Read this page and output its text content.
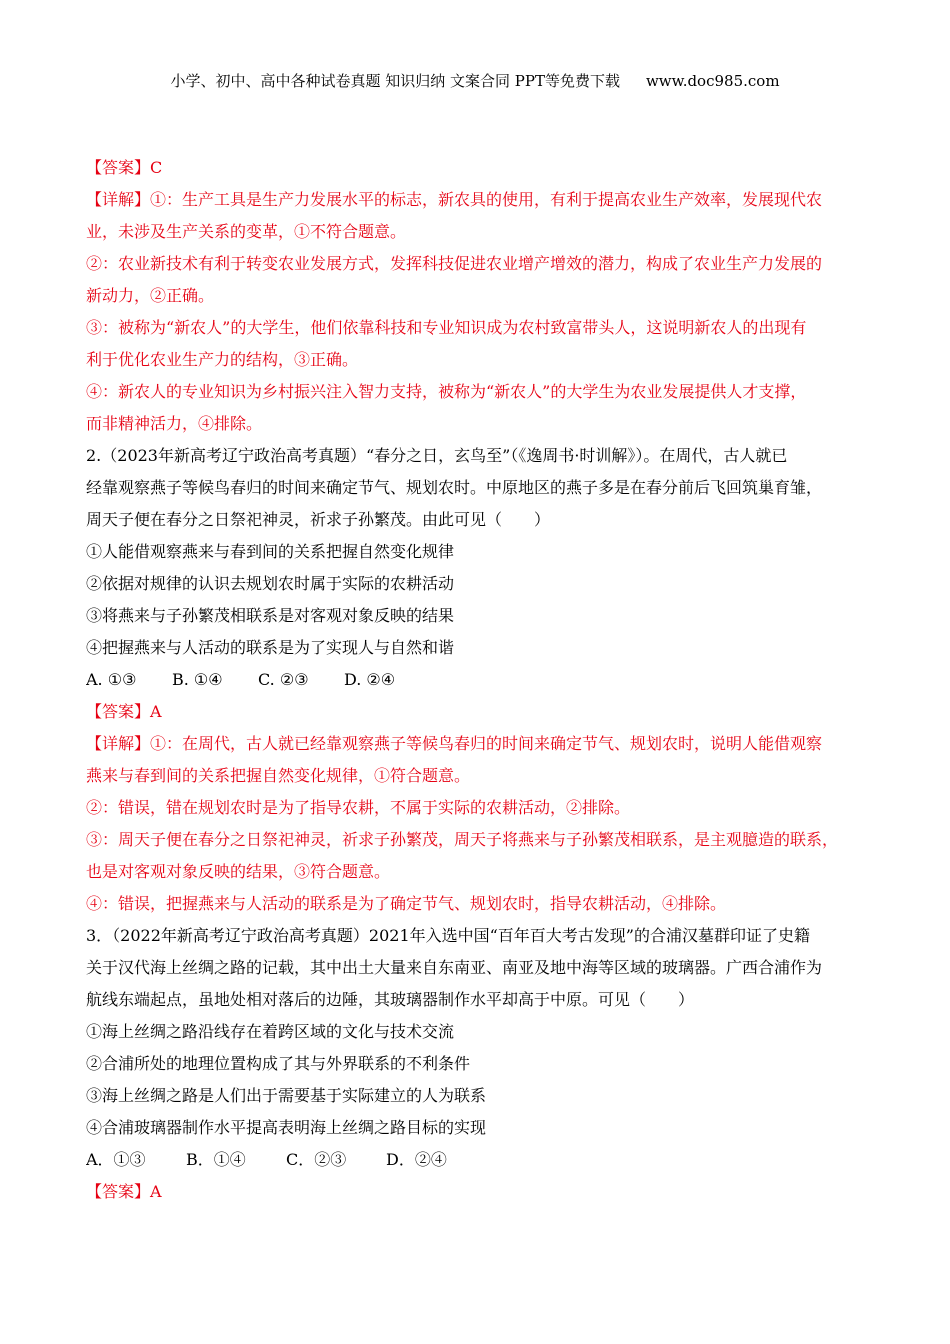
小学、初中、高中各种试卷真题 知识归纳 文案合同 PPT等免费下载 www.doc985.com
【答案】C
【详解】①：生产工具是生产力发展水平的标志，新农具的使用，有利于提高农业生产效率，发展现代农
业，未涉及生产关系的变革，①不符合题意。
②：农业新技术有利于转变农业发展方式，发挥科技促进农业增产增效的潜力，构成了农业生产力发展的
新动力，②正确。
③：被称为“新农人”的大学生，他们依靠科技和专业知识成为农村致富带头人，这说明新农人的出现有
利于优化农业生产力的结构，③正确。
④：新农人的专业知识为乡村振兴注入智力支持，被称为“新农人”的大学生为农业发展提供人才支撑，
而非精神活力，④排除。
2.（2023年新高考辽宁政治高考真题）“春分之日，玄鸟至”（《逸周书·时训解》）。在周代，古人就已
经靠观察燕子等候鸟春归的时间来确定节气、规划农时。中原地区的燕子多是在春分前后飞回筑巢育雏，
周天子便在春分之日祭祀神灵，祈求子孙繁茂。由此可见（　　）
①人能借观察燕来与春到间的关系把握自然变化规律
②依据对规律的认识去规划农时属于实际的农耕活动
③将燕来与子孙繁茂相联系是对客观对象反映的结果
④把握燕来与人活动的联系是为了实现人与自然和谐
A. ①③ B. ①④ C. ②③ D. ②④
【答案】A
【详解】①：在周代，古人就已经靠观察燕子等候鸟春归的时间来确定节气、规划农时，说明人能借观察
燕来与春到间的关系把握自然变化规律，①符合题意。
②：错误，错在规划农时是为了指导农耕，不属于实际的农耕活动，②排除。
③：周天子便在春分之日祭祀神灵，祈求子孙繁茂，周天子将燕来与子孙繁茂相联系，是主观臆造的联系，
也是对客观对象反映的结果，③符合题意。
④：错误，把握燕来与人活动的联系是为了确定节气、规划农时，指导农耕活动，④排除。
3．（2022年新高考辽宁政治高考真题）2021年入选中国“百年百大考古发现”的合浦汉墓群印证了史籍
关于汉代海上丝绸之路的记载，其中出土大量来自东南亚、南亚及地中海等区域的玻璃器。广西合浦作为
航线东端起点，虽地处相对落后的边陲，其玻璃器制作水平却高于中原。可见（　　）
①海上丝绸之路沿线存在着跨区域的文化与技术交流
②合浦所处的地理位置构成了其与外界联系的不利条件
③海上丝绸之路是人们出于需要基于实际建立的人为联系
④合浦玻璃器制作水平提高表明海上丝绸之路目标的实现
A．①③	B．①④	C．②③ D．②④
【答案】A
